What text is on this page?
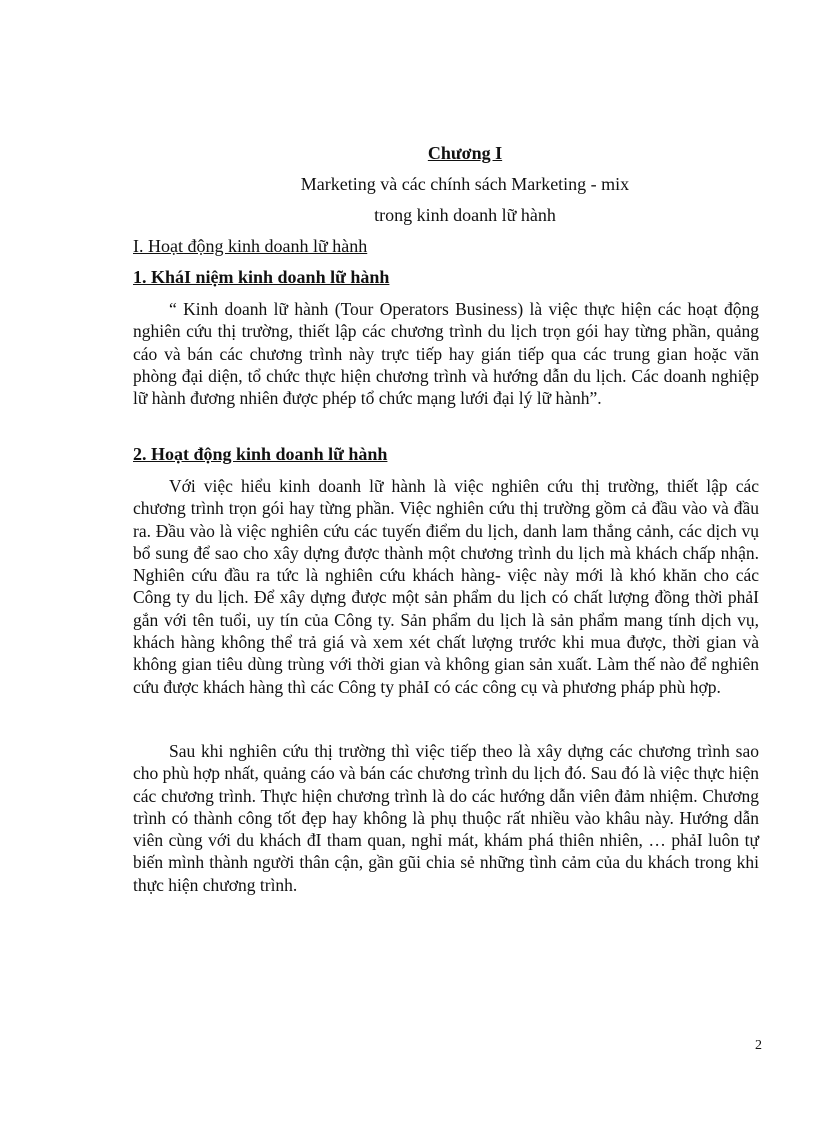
Chương I
Marketing và các chính sách Marketing - mix
trong kinh doanh lữ hành
I. Hoạt động kinh doanh lữ hành
1. KháI niệm kinh doanh lữ hành

“ Kinh doanh lữ hành (Tour Operators Business) là việc thực hiện các hoạt động nghiên cứu thị trường, thiết lập các chương trình du lịch trọn gói hay từng phần, quảng cáo và bán các chương trình này trực tiếp hay gián tiếp qua các trung gian hoặc văn phòng đại diện, tổ chức thực hiện chương trình và hướng dẫn du lịch. Các doanh nghiệp lữ hành đương nhiên được phép tổ chức mạng lưới đại lý lữ hành”.

2. Hoạt động kinh doanh lữ hành

Với việc hiểu kinh doanh lữ hành là việc nghiên cứu thị trường, thiết lập các chương trình trọn gói hay từng phần. Việc nghiên cứu thị trường gồm cả đầu vào và đầu ra. Đầu vào là việc nghiên cứu các tuyến điểm du lịch, danh lam thắng cảnh, các dịch vụ bổ sung để sao cho xây dựng được thành một chương trình du lịch mà khách chấp nhận. Nghiên cứu đầu ra tức là nghiên cứu khách hàng- việc này mới là khó khăn cho các Công ty du lịch. Để xây dựng được một sản phẩm du lịch có chất lượng đồng thời phảI gắn với tên tuổi, uy tín của Công ty. Sản phẩm du lịch là sản phẩm mang tính dịch vụ, khách hàng không thể trả giá và xem xét chất lượng trước khi mua được, thời gian và không gian tiêu dùng trùng với thời gian và không gian sản xuất. Làm thế nào để nghiên cứu được khách hàng thì các Công ty phảI có các công cụ và phương pháp phù hợp.

Sau khi nghiên cứu thị trường thì việc tiếp theo là xây dựng các chương trình sao cho phù hợp nhất, quảng cáo và bán các chương trình du lịch đó. Sau đó là việc thực hiện các chương trình. Thực hiện chương trình là do các hướng dẫn viên đảm nhiệm. Chương trình có thành công tốt đẹp hay không là phụ thuộc rất nhiều vào khâu này. Hướng dẫn viên cùng với du khách đI tham quan, nghỉ mát, khám phá thiên nhiên, … phảI luôn tự biến mình thành người thân cận, gần gũi chia sẻ những tình cảm của du khách trong khi thực hiện chương trình.

2
